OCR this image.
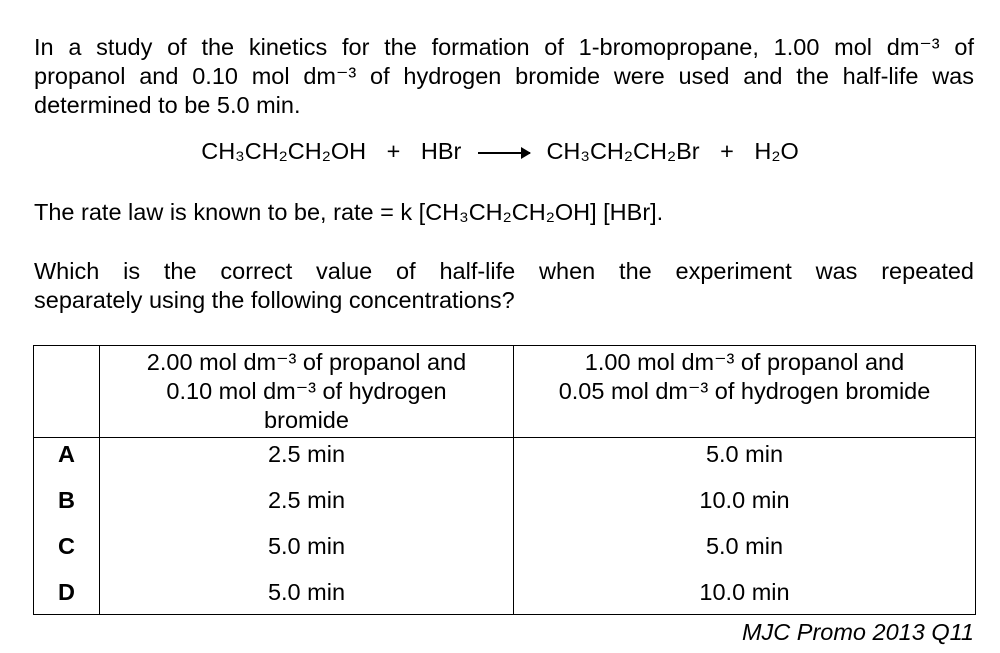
In a study of the kinetics for the formation of 1-bromopropane, 1.00 mol dm⁻³ of
propanol and 0.10 mol dm⁻³ of hydrogen bromide were used and the half-life was
determined to be 5.0 min.
CH₃CH₂CH₂OH + HBr → CH₃CH₂CH₂Br + H₂O
The rate law is known to be, rate = k [CH₃CH₂CH₂OH] [HBr].
Which is the correct value of half-life when the experiment was repeated
separately using the following concentrations?

	2.00 mol dm⁻³ of propanol and
0.10 mol dm⁻³ of hydrogen
bromide	1.00 mol dm⁻³ of propanol and
0.05 mol dm⁻³ of hydrogen bromide

A	2.5 min	5.0 min
B	2.5 min	10.0 min
C	5.0 min	5.0 min
D	5.0 min	10.0 min
MJC Promo 2013 Q11
